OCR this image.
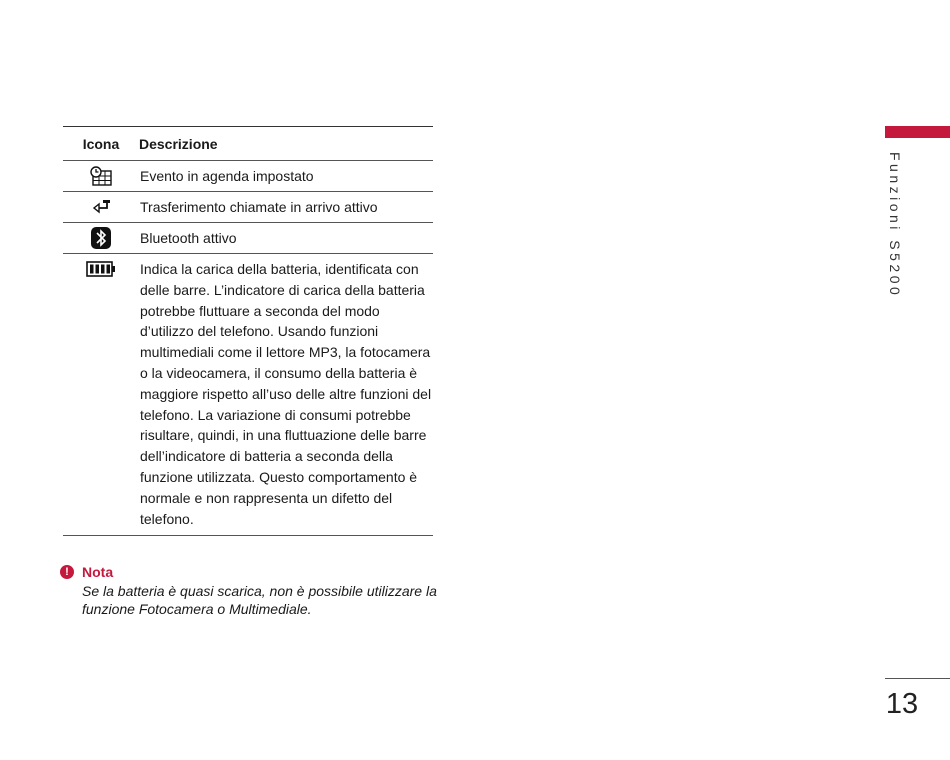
Icona	Descrizione
	Evento in agenda impostato
	Trasferimento chiamate in arrivo attivo
	Bluetooth attivo
	Indica la carica della batteria, identificata con delle barre. L’indicatore di carica della batteria potrebbe fluttuare a seconda del modo d’utilizzo del telefono. Usando funzioni multimediali come il lettore MP3, la fotocamera o la videocamera, il consumo della batteria è maggiore rispetto all’uso delle altre funzioni del telefono. La variazione di consumi potrebbe risultare, quindi, in una fluttuazione delle barre dell’indicatore di batteria a seconda della funzione utilizzata. Questo comportamento è normale e non rappresenta un difetto del telefono.
! Nota
Se la batteria è quasi scarica, non è possibile utilizzare la funzione Fotocamera o Multimediale.
Funzioni S5200
13
